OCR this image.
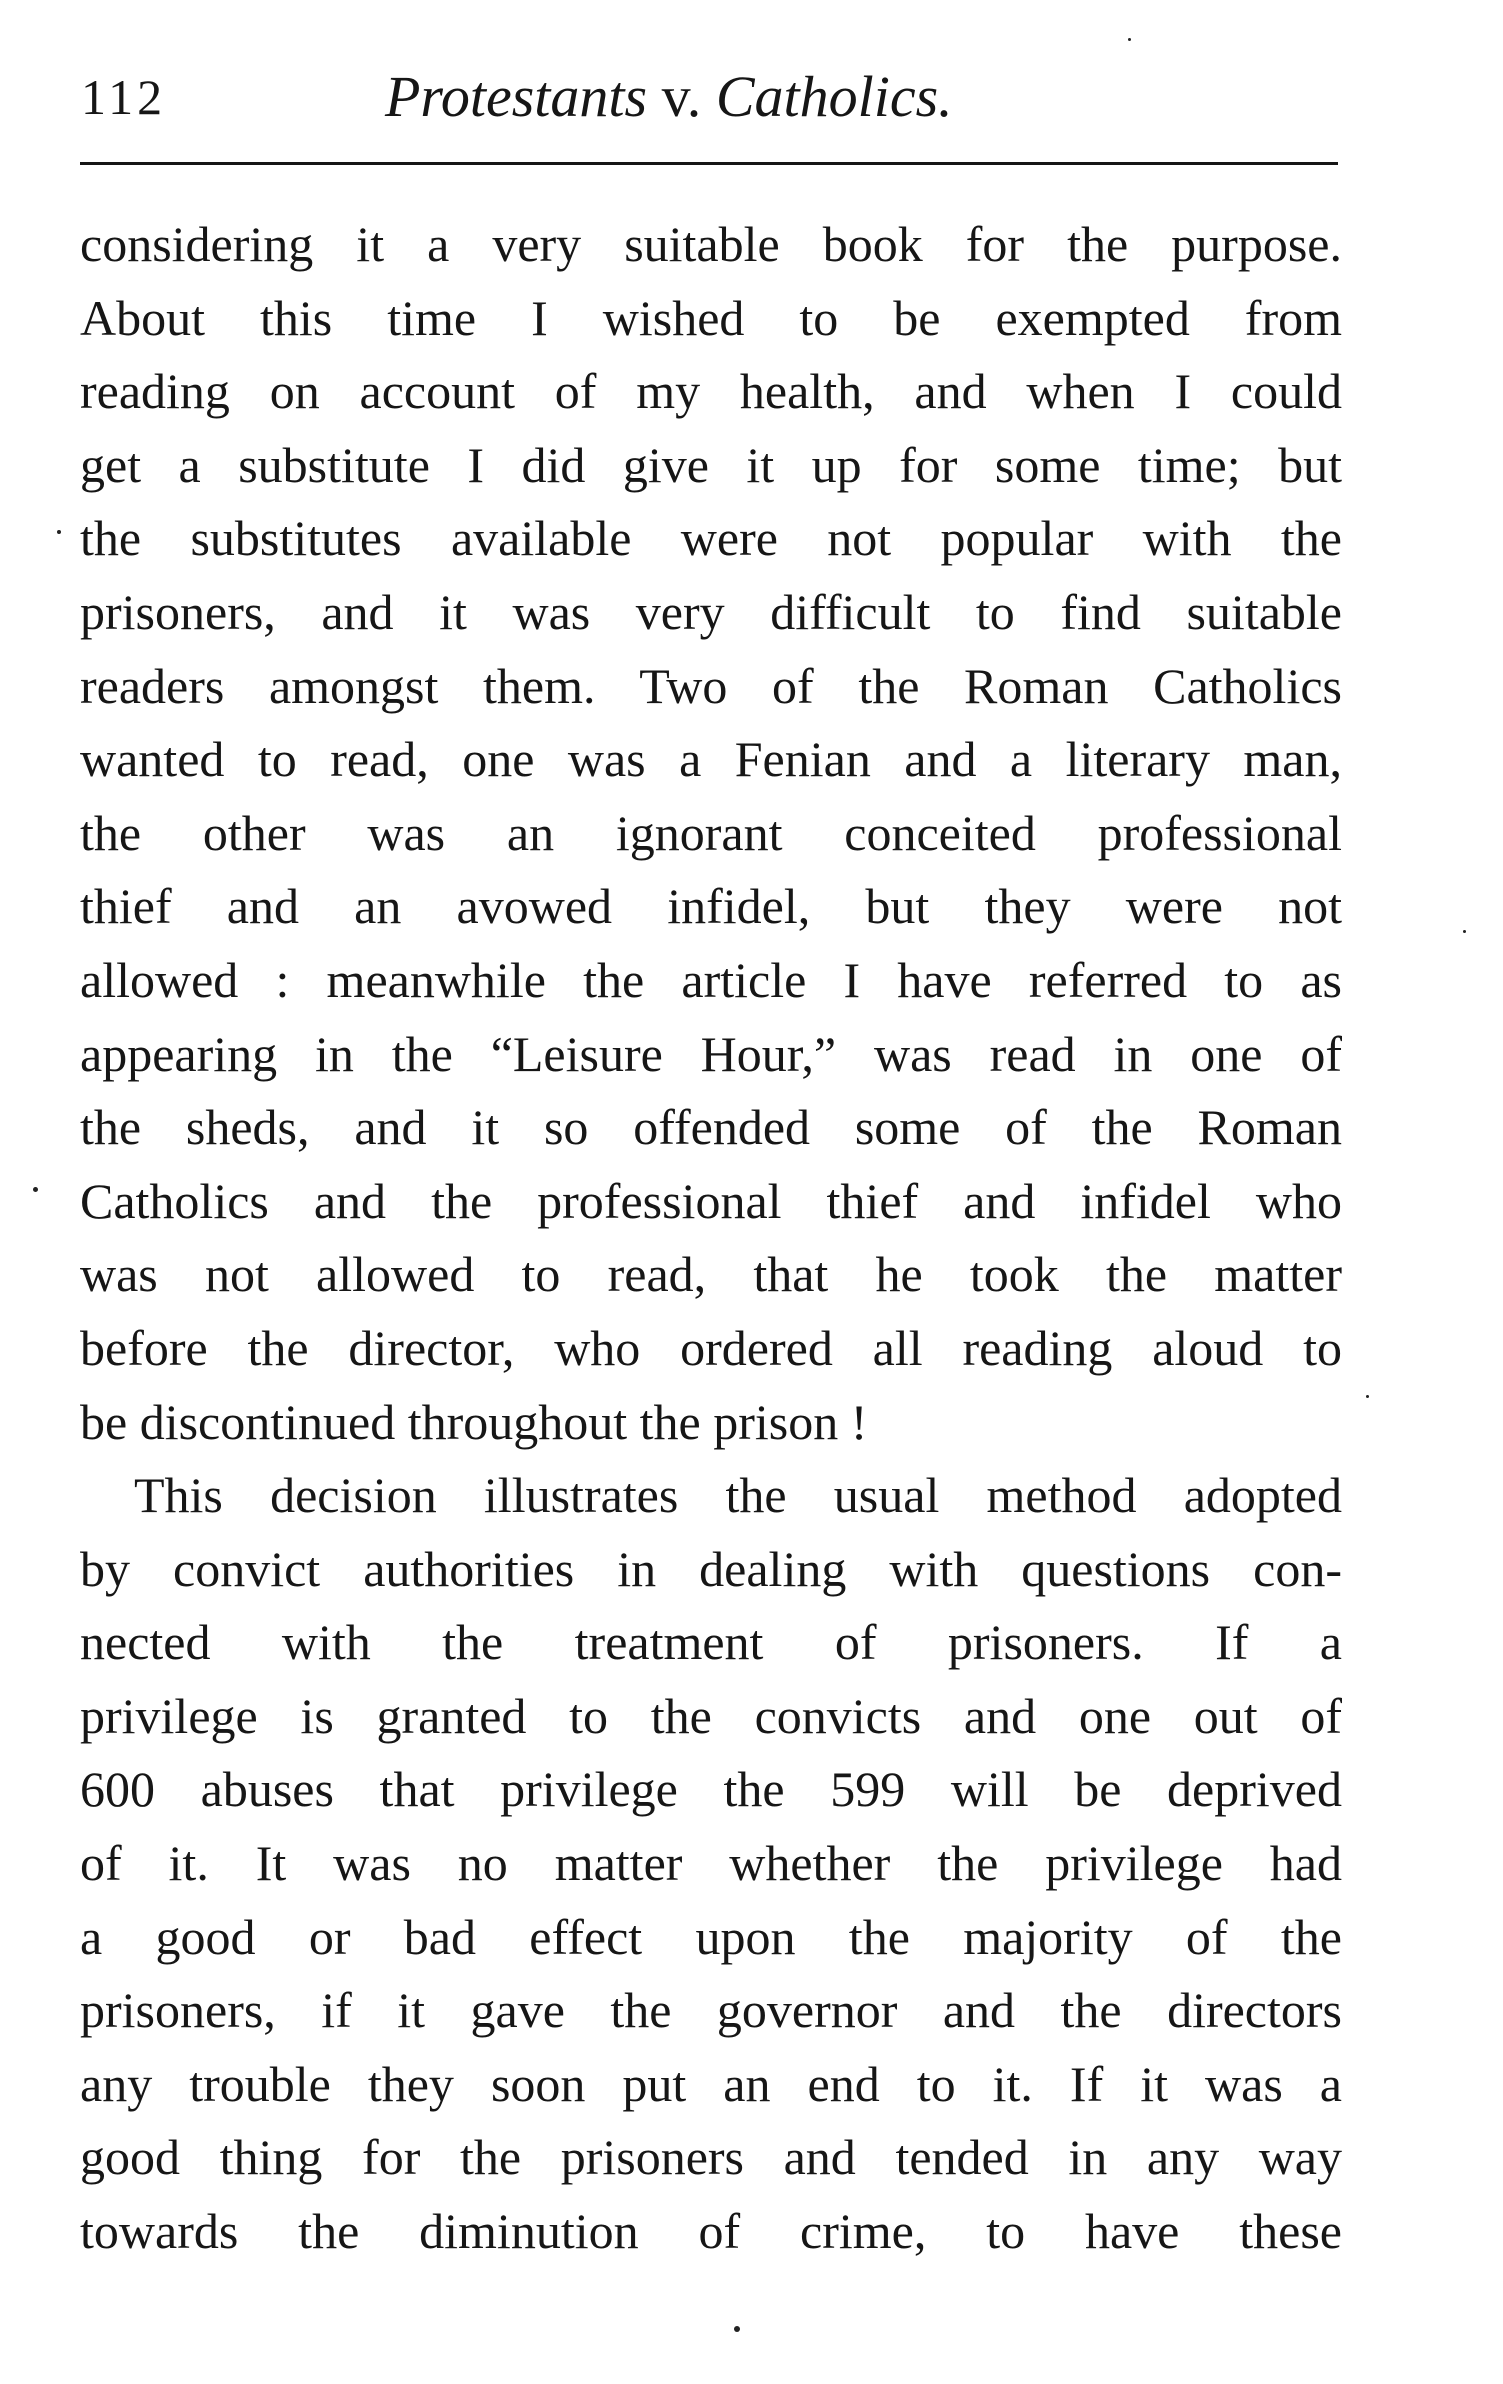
112	Protestants v. Catholics.
considering it a very suitable book for the purpose.
About this time I wished to be exempted from
reading on account of my health, and when I could
get a substitute I did give it up for some time; but
the substitutes available were not popular with the
prisoners, and it was very difficult to find suitable
readers amongst them. Two of the Roman Catholics
wanted to read, one was a Fenian and a literary man,
the other was an ignorant conceited professional
thief and an avowed infidel, but they were not
allowed : meanwhile the article I have referred to as
appearing in the “Leisure Hour,” was read in one of
the sheds, and it so offended some of the Roman
Catholics and the professional thief and infidel who
was not allowed to read, that he took the matter
before the director, who ordered all reading aloud to
be discontinued throughout the prison !
This decision illustrates the usual method adopted
by convict authorities in dealing with questions con-
nected with the treatment of prisoners. If a
privilege is granted to the convicts and one out of
600 abuses that privilege the 599 will be deprived
of it. It was no matter whether the privilege had
a good or bad effect upon the majority of the
prisoners, if it gave the governor and the directors
any trouble they soon put an end to it. If it was a
good thing for the prisoners and tended in any way
towards the diminution of crime, to have these
